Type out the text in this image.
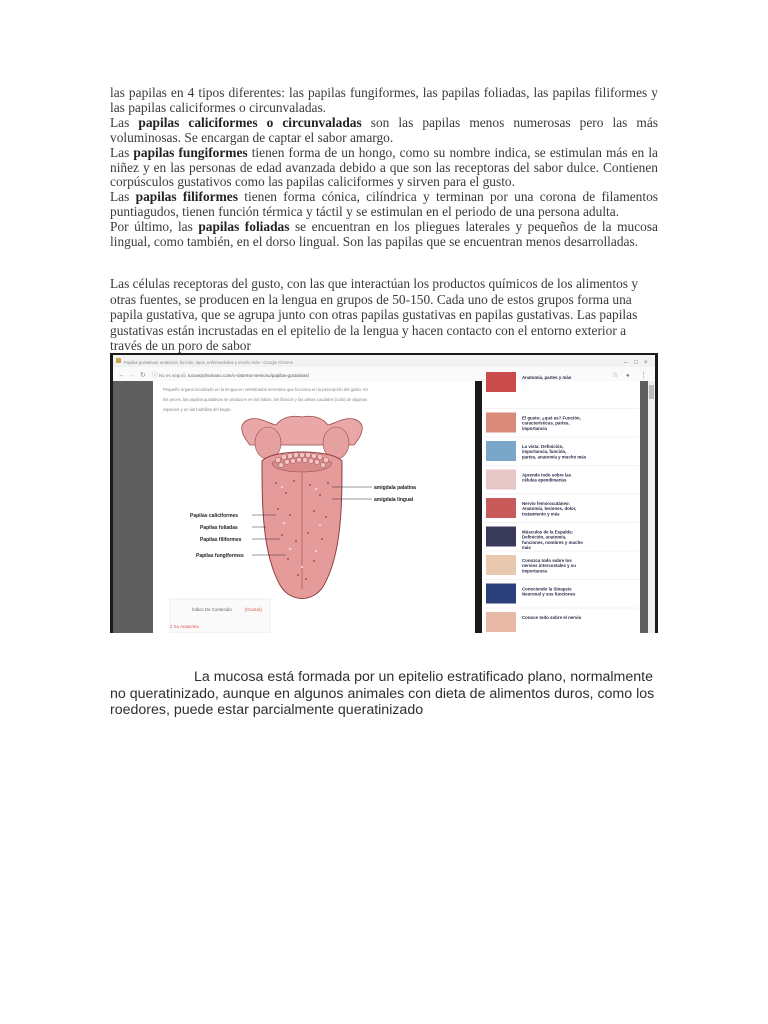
las papilas en 4 tipos diferentes: las papilas fungiformes, las papilas foliadas, las papilas filiformes y
las papilas caliciformes o circunvaladas.
Las papilas caliciformes o circunvaladas son las papilas menos numerosas pero las más
voluminosas. Se encargan de captar el sabor amargo.
Las papilas fungiformes tienen forma de un hongo, como su nombre indica, se estimulan más en la
niñez y en las personas de edad avanzada debido a que son las receptoras del sabor dulce. Contienen
corpúsculos gustativos como las papilas caliciformes y sirven para el gusto.
Las papilas filiformes tienen forma cónica, cilíndrica y terminan por una corona de filamentos
puntiagudos, tienen función térmica y táctil y se estimulan en el periodo de una persona adulta.
Por último, las papilas foliadas se encuentran en los pliegues laterales y pequeños de la mucosa
lingual, como también, en el dorso lingual. Son las papilas que se encuentran menos desarrolladas.
Las células receptoras del gusto, con las que interactúan los productos químicos de los alimentos y
otras fuentes, se producen en la lengua en grupos de 50-150. Cada uno de estos grupos forma una
papila gustativa, que se agrupa junto con otras papilas gustativas en papilas gustativas. Las papilas
gustativas están incrustadas en el epitelio de la lengua y hacen contacto con el entorno exterior a
través de un poro de sabor
Papilas gustativas: anatomía, función, tipos, enfermedades y mucho más - Google Chrome	– □ ×
← → ↻ ⓘ No es seguro tucuerpohumano.com/c-sistema-nervioso/papilas-gustativas/	☆ ● ⋮
Pequeño órgano localizado en la lengua en vertebrados terrestres que funciona en la percepción del gusto. En
los peces, las papilas gustativas se producen en los labios, los flancos y las aletas caudales (cola) de algunas
especies y en las barbillas del bagre.
amígdala palatina
amígdala lingual
Papilas caliciformes
Papilas foliadas
Papilas filiformes
Papilas fungiformes
Índice De Contenido	[Ocultar]
1 Su Anatomía
Anatomía, partes y más
El gusto; ¿qué es? Función, características, partes, importancia
La vista: Definición, importancia, función, partes, anatomía y mucho más
Aprende todo sobre las células ependimarias
Nervio femorocutáneo: Anatomía, lesiones, dolor, tratamiento y más
Músculos de la Espalda: Definición, anatomía, funciones, nombres y mucho más
Conozca todo sobre los nervios intercostales y su importancia
Conociendo la Sinapsis Neuronal y sus funciones
Conoce todo sobre el nervio
La mucosa está formada por un epitelio estratificado plano, normalmente
no queratinizado, aunque en algunos animales con dieta de alimentos duros, como los
roedores, puede estar parcialmente queratinizado
